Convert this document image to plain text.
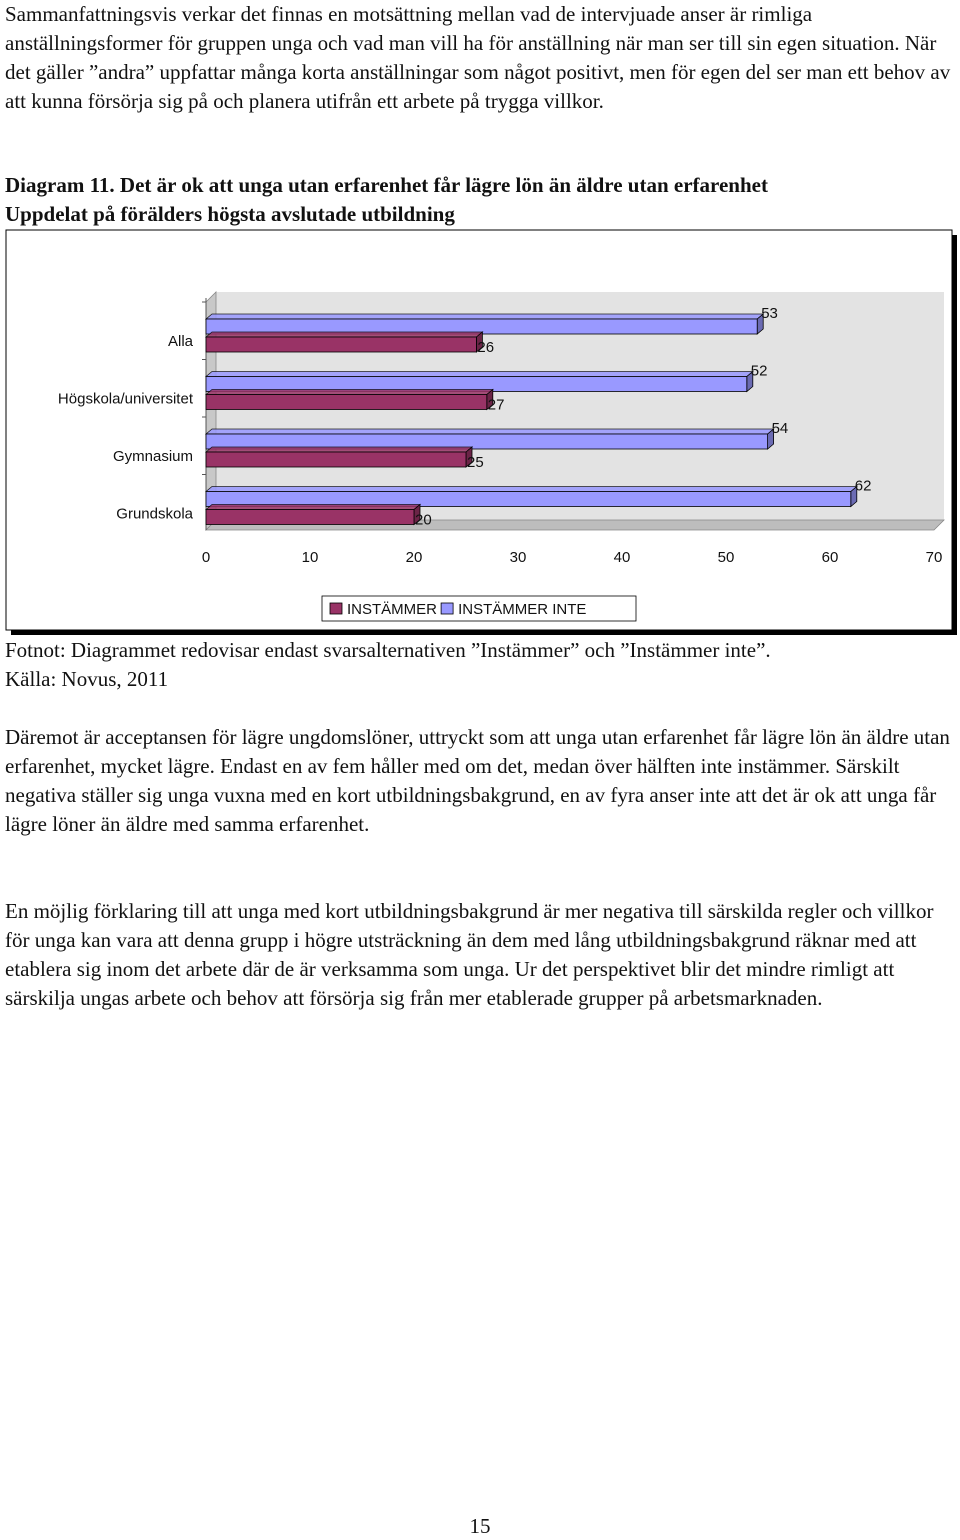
Sammanfattningsvis verkar det finnas en motsättning mellan vad de intervjuade anser är rimliga anställningsformer för gruppen unga och vad man vill ha för anställning när man ser till sin egen situation. När det gäller ”andra” uppfattar många korta anställningar som något positivt, men för egen del ser man ett behov av att kunna försörja sig på och planera utifrån ett arbete på trygga villkor.

Diagram 11. Det är ok att unga utan erfarenhet får lägre lön än äldre utan erfarenhet

Uppdelat på förälders högsta avslutade utbildning

Alla
53
26
Högskola/universitet
52
27
Gymnasium
54
25
Grundskola
62
20
0	10	20	30	40	50	60	70
INSTÄMMER INSTÄMMER INTE
Fotnot: Diagrammet redovisar endast svarsalternativen ”Instämmer” och ”Instämmer inte”.
Källa: Novus, 2011

Däremot är acceptansen för lägre ungdomslöner, uttryckt som att unga utan erfarenhet får lägre lön än äldre utan erfarenhet, mycket lägre. Endast en av fem håller med om det, medan över hälften inte instämmer. Särskilt negativa ställer sig unga vuxna med en kort utbildningsbakgrund, en av fyra anser inte att det är ok att unga får lägre löner än äldre med samma erfarenhet.

En möjlig förklaring till att unga med kort utbildningsbakgrund är mer negativa till särskilda regler och villkor för unga kan vara att denna grupp i högre utsträckning än dem med lång utbildningsbakgrund räknar med att etablera sig inom det arbete där de är verksamma som unga. Ur det perspektivet blir det mindre rimligt att särskilja ungas arbete och behov att försörja sig från mer etablerade grupper på arbetsmarknaden.

15
